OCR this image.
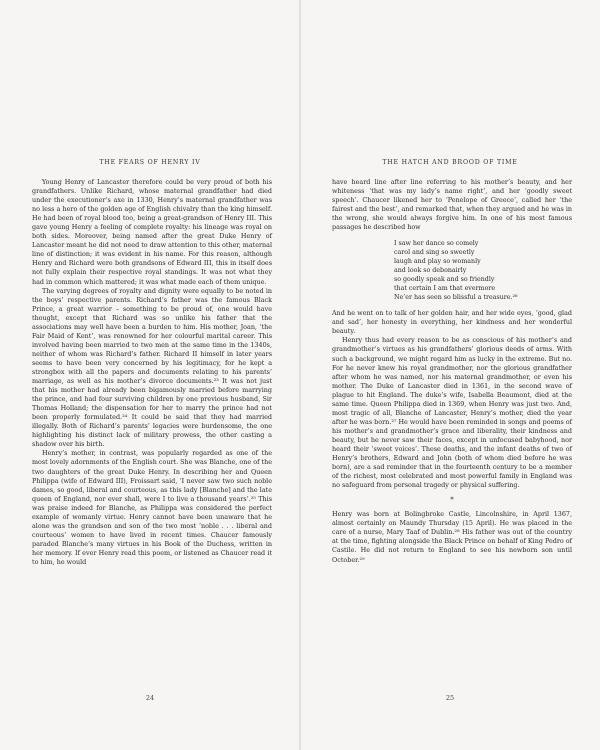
THE FEARS OF HENRY IV

Young Henry of Lancaster therefore could be very proud of both his grandfathers. Unlike Richard, whose maternal grandfather had died under the executioner’s axe in 1330, Henry’s maternal grandfather was no less a hero of the golden age of English chivalry than the king himself. He had been of royal blood too, being a great-grandson of Henry III. This gave young Henry a feeling of complete royalty: his lineage was royal on both sides. Moreover, being named after the great Duke Henry of Lancaster meant he did not need to draw attention to this other, maternal line of distinction; it was evident in his name. For this reason, although Henry and Richard were both grandsons of Edward III, this in itself does not fully explain their respective royal standings. It was not what they had in common which mattered; it was what made each of them unique.

The varying degrees of royalty and dignity were equally to be noted in the boys’ respective parents. Richard’s father was the famous Black Prince, a great warrior – something to be proud of, one would have thought, except that Richard was so unlike his father that the associations may well have been a burden to him. His mother, Joan, ‘the Fair Maid of Kent’, was renowned for her colourful marital career. This involved having been married to two men at the same time in the 1340s, neither of whom was Richard’s father. Richard II himself in later years seems to have been very concerned by his legitimacy, for he kept a strongbox with all the papers and documents relating to his parents’ marriage, as well as his mother’s divorce documents.²³ It was not just that his mother had already been bigamously married before marrying the prince, and had four surviving children by one previous husband, Sir Thomas Holland; the dispensation for her to marry the prince had not been properly formulated.²⁴ It could be said that they had married illegally. Both of Richard’s parents’ legacies were burdensome, the one highlighting his distinct lack of military prowess, the other casting a shadow over his birth.

Henry’s mother, in contrast, was popularly regarded as one of the most lovely adornments of the English court. She was Blanche, one of the two daughters of the great Duke Henry. In describing her and Queen Philippa (wife of Edward III), Froissart said, ‘I never saw two such noble dames, so good, liberal and courteous, as this lady [Blanche] and the late queen of England, nor ever shall, were I to live a thousand years’.²⁵ This was praise indeed for Blanche, as Philippa was considered the perfect example of womanly virtue. Henry cannot have been unaware that he alone was the grandson and son of the two most ‘noble . . . liberal and courteous’ women to have lived in recent times. Chaucer famously paraded Blanche’s many virtues in his Book of the Duchess, written in her memory. If ever Henry read this poem, or listened as Chaucer read it to him, he would

24
THE HATCH AND BROOD OF TIME

have heard line after line referring to his mother’s beauty, and her whiteness ‘that was my lady’s name right’, and her ‘goodly sweet speech’. Chaucer likened her to ‘Penelope of Greece’, called her ‘the fairest and the best’, and remarked that, when they argued and he was in the wrong, she would always forgive him. In one of his most famous passages he described how

I saw her dance so comely
carol and sing so sweetly
laugh and play so womanly
and look so debonairly
so goodly speak and so friendly
that certain I am that evermore
Ne’er has seen so blissful a treasure.²⁶

And he went on to talk of her golden hair, and her wide eyes, ‘good, glad and sad’, her honesty in everything, her kindness and her wonderful beauty.

Henry thus had every reason to be as conscious of his mother’s and grandmother’s virtues as his grandfathers’ glorious deeds of arms. With such a background, we might regard him as lucky in the extreme. But no. For he never knew his royal grandmother, nor the glorious grandfather after whom he was named, nor his maternal grandmother, or even his mother. The Duke of Lancaster died in 1361, in the second wave of plague to hit England. The duke’s wife, Isabella Beaumont, died at the same time. Queen Philippa died in 1369, when Henry was just two. And, most tragic of all, Blanche of Lancaster, Henry’s mother, died the year after he was born.²⁷ He would have been reminded in songs and poems of his mother’s and grandmother’s grace and liberality, their kindness and beauty, but he never saw their faces, except in unfocused babyhood, nor heard their ‘sweet voices’. These deaths, and the infant deaths of two of Henry’s brothers, Edward and John (both of whom died before he was born), are a sad reminder that in the fourteenth century to be a member of the richest, most celebrated and most powerful family in England was no safeguard from personal tragedy or physical suffering.

*

Henry was born at Bolingbroke Castle, Lincolnshire, in April 1367, almost certainly on Maundy Thursday (15 April). He was placed in the care of a nurse, Mary Taaf of Dublin.²⁸ His father was out of the country at the time, fighting alongside the Black Prince on behalf of King Pedro of Castile. He did not return to England to see his newborn son until October.²⁹

25
